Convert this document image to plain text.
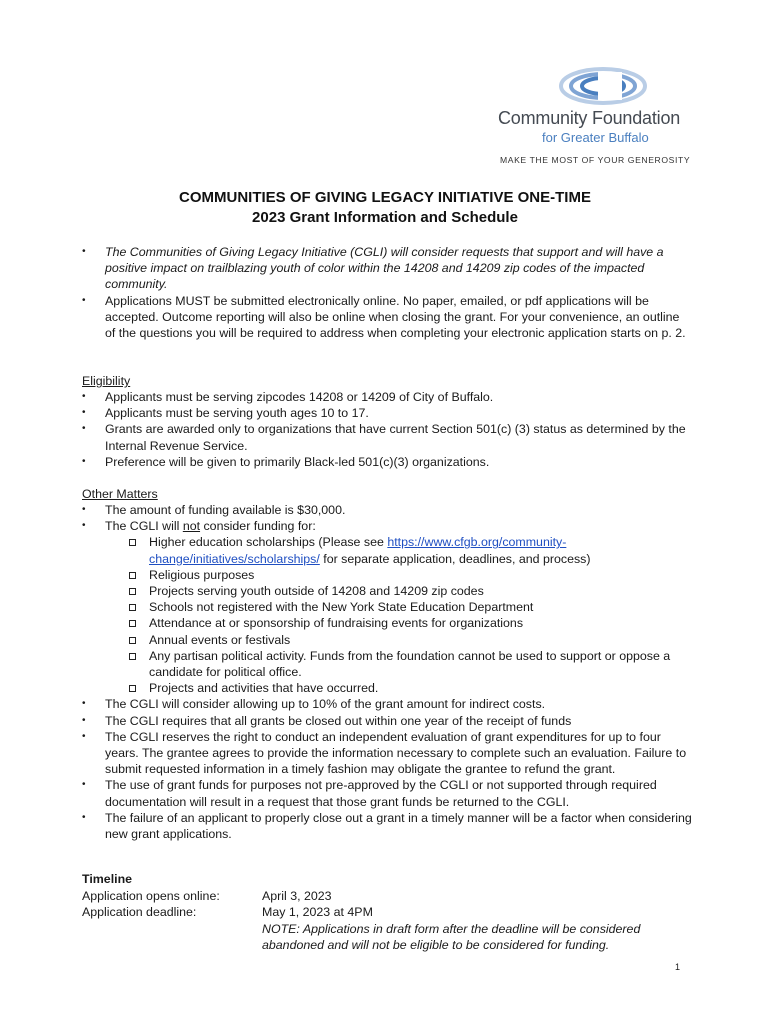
Community Foundation
for Greater Buffalo
MAKE THE MOST OF YOUR GENEROSITY
COMMUNITIES OF GIVING LEGACY INITIATIVE ONE-TIME
2023 Grant Information and Schedule
• The Communities of Giving Legacy Initiative (CGLI) will consider requests that support and will have a positive impact on trailblazing youth of color within the 14208 and 14209 zip codes of the impacted community.
• Applications MUST be submitted electronically online. No paper, emailed, or pdf applications will be accepted. Outcome reporting will also be online when closing the grant. For your convenience, an outline of the questions you will be required to address when completing your electronic application starts on p. 2.
Eligibility
• Applicants must be serving zipcodes 14208 or 14209 of City of Buffalo.
• Applicants must be serving youth ages 10 to 17.
• Grants are awarded only to organizations that have current Section 501(c) (3) status as determined by the Internal Revenue Service.
• Preference will be given to primarily Black-led 501(c)(3) organizations.
Other Matters
• The amount of funding available is $30,000.
• The CGLI will not consider funding for:
Higher education scholarships (Please see https://www.cfgb.org/community-change/initiatives/scholarships/ for separate application, deadlines, and process)
Religious purposes
Projects serving youth outside of 14208 and 14209 zip codes
Schools not registered with the New York State Education Department
Attendance at or sponsorship of fundraising events for organizations
Annual events or festivals
Any partisan political activity. Funds from the foundation cannot be used to support or oppose a candidate for political office.
Projects and activities that have occurred.
• The CGLI will consider allowing up to 10% of the grant amount for indirect costs.
• The CGLI requires that all grants be closed out within one year of the receipt of funds
• The CGLI reserves the right to conduct an independent evaluation of grant expenditures for up to four years. The grantee agrees to provide the information necessary to complete such an evaluation. Failure to submit requested information in a timely fashion may obligate the grantee to refund the grant.
• The use of grant funds for purposes not pre-approved by the CGLI or not supported through required documentation will result in a request that those grant funds be returned to the CGLI.
• The failure of an applicant to properly close out a grant in a timely manner will be a factor when considering new grant applications.
Timeline
Application opens online:	April 3, 2023
Application deadline:	May 1, 2023 at 4PM
NOTE: Applications in draft form after the deadline will be considered abandoned and will not be eligible to be considered for funding.
1
